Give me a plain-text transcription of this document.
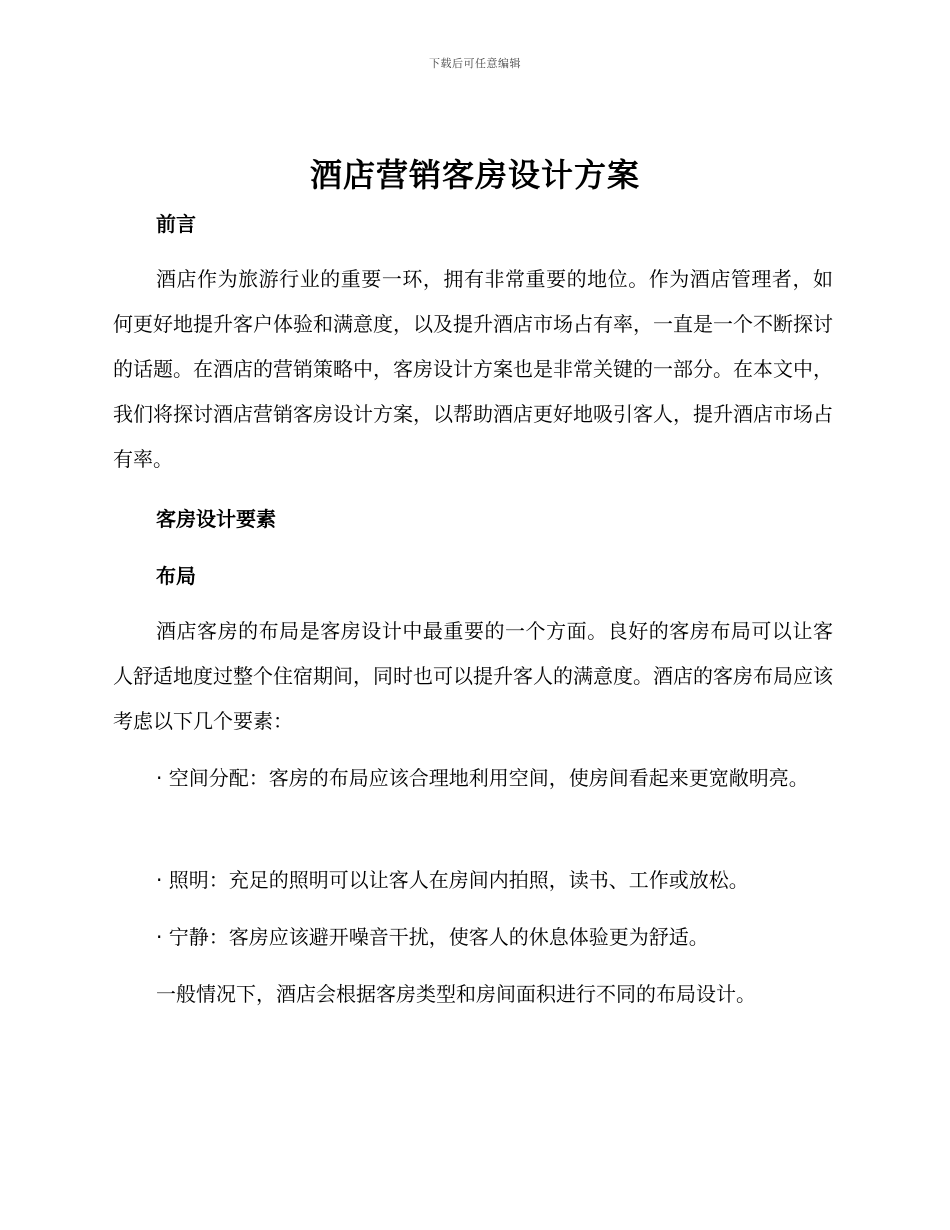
下载后可任意编辑
酒店营销客房设计方案
前言
酒店作为旅游行业的重要一环，拥有非常重要的地位。作为酒店管理者，如何更好地提升客户体验和满意度，以及提升酒店市场占有率，一直是一个不断探讨的话题。在酒店的营销策略中，客房设计方案也是非常关键的一部分。在本文中，我们将探讨酒店营销客房设计方案，以帮助酒店更好地吸引客人，提升酒店市场占有率。
客房设计要素
布局
酒店客房的布局是客房设计中最重要的一个方面。良好的客房布局可以让客人舒适地度过整个住宿期间，同时也可以提升客人的满意度。酒店的客房布局应该考虑以下几个要素：
· 空间分配：客房的布局应该合理地利用空间，使房间看起来更宽敞明亮。
· 照明：充足的照明可以让客人在房间内拍照，读书、工作或放松。
· 宁静：客房应该避开噪音干扰，使客人的休息体验更为舒适。
一般情况下，酒店会根据客房类型和房间面积进行不同的布局设计。
